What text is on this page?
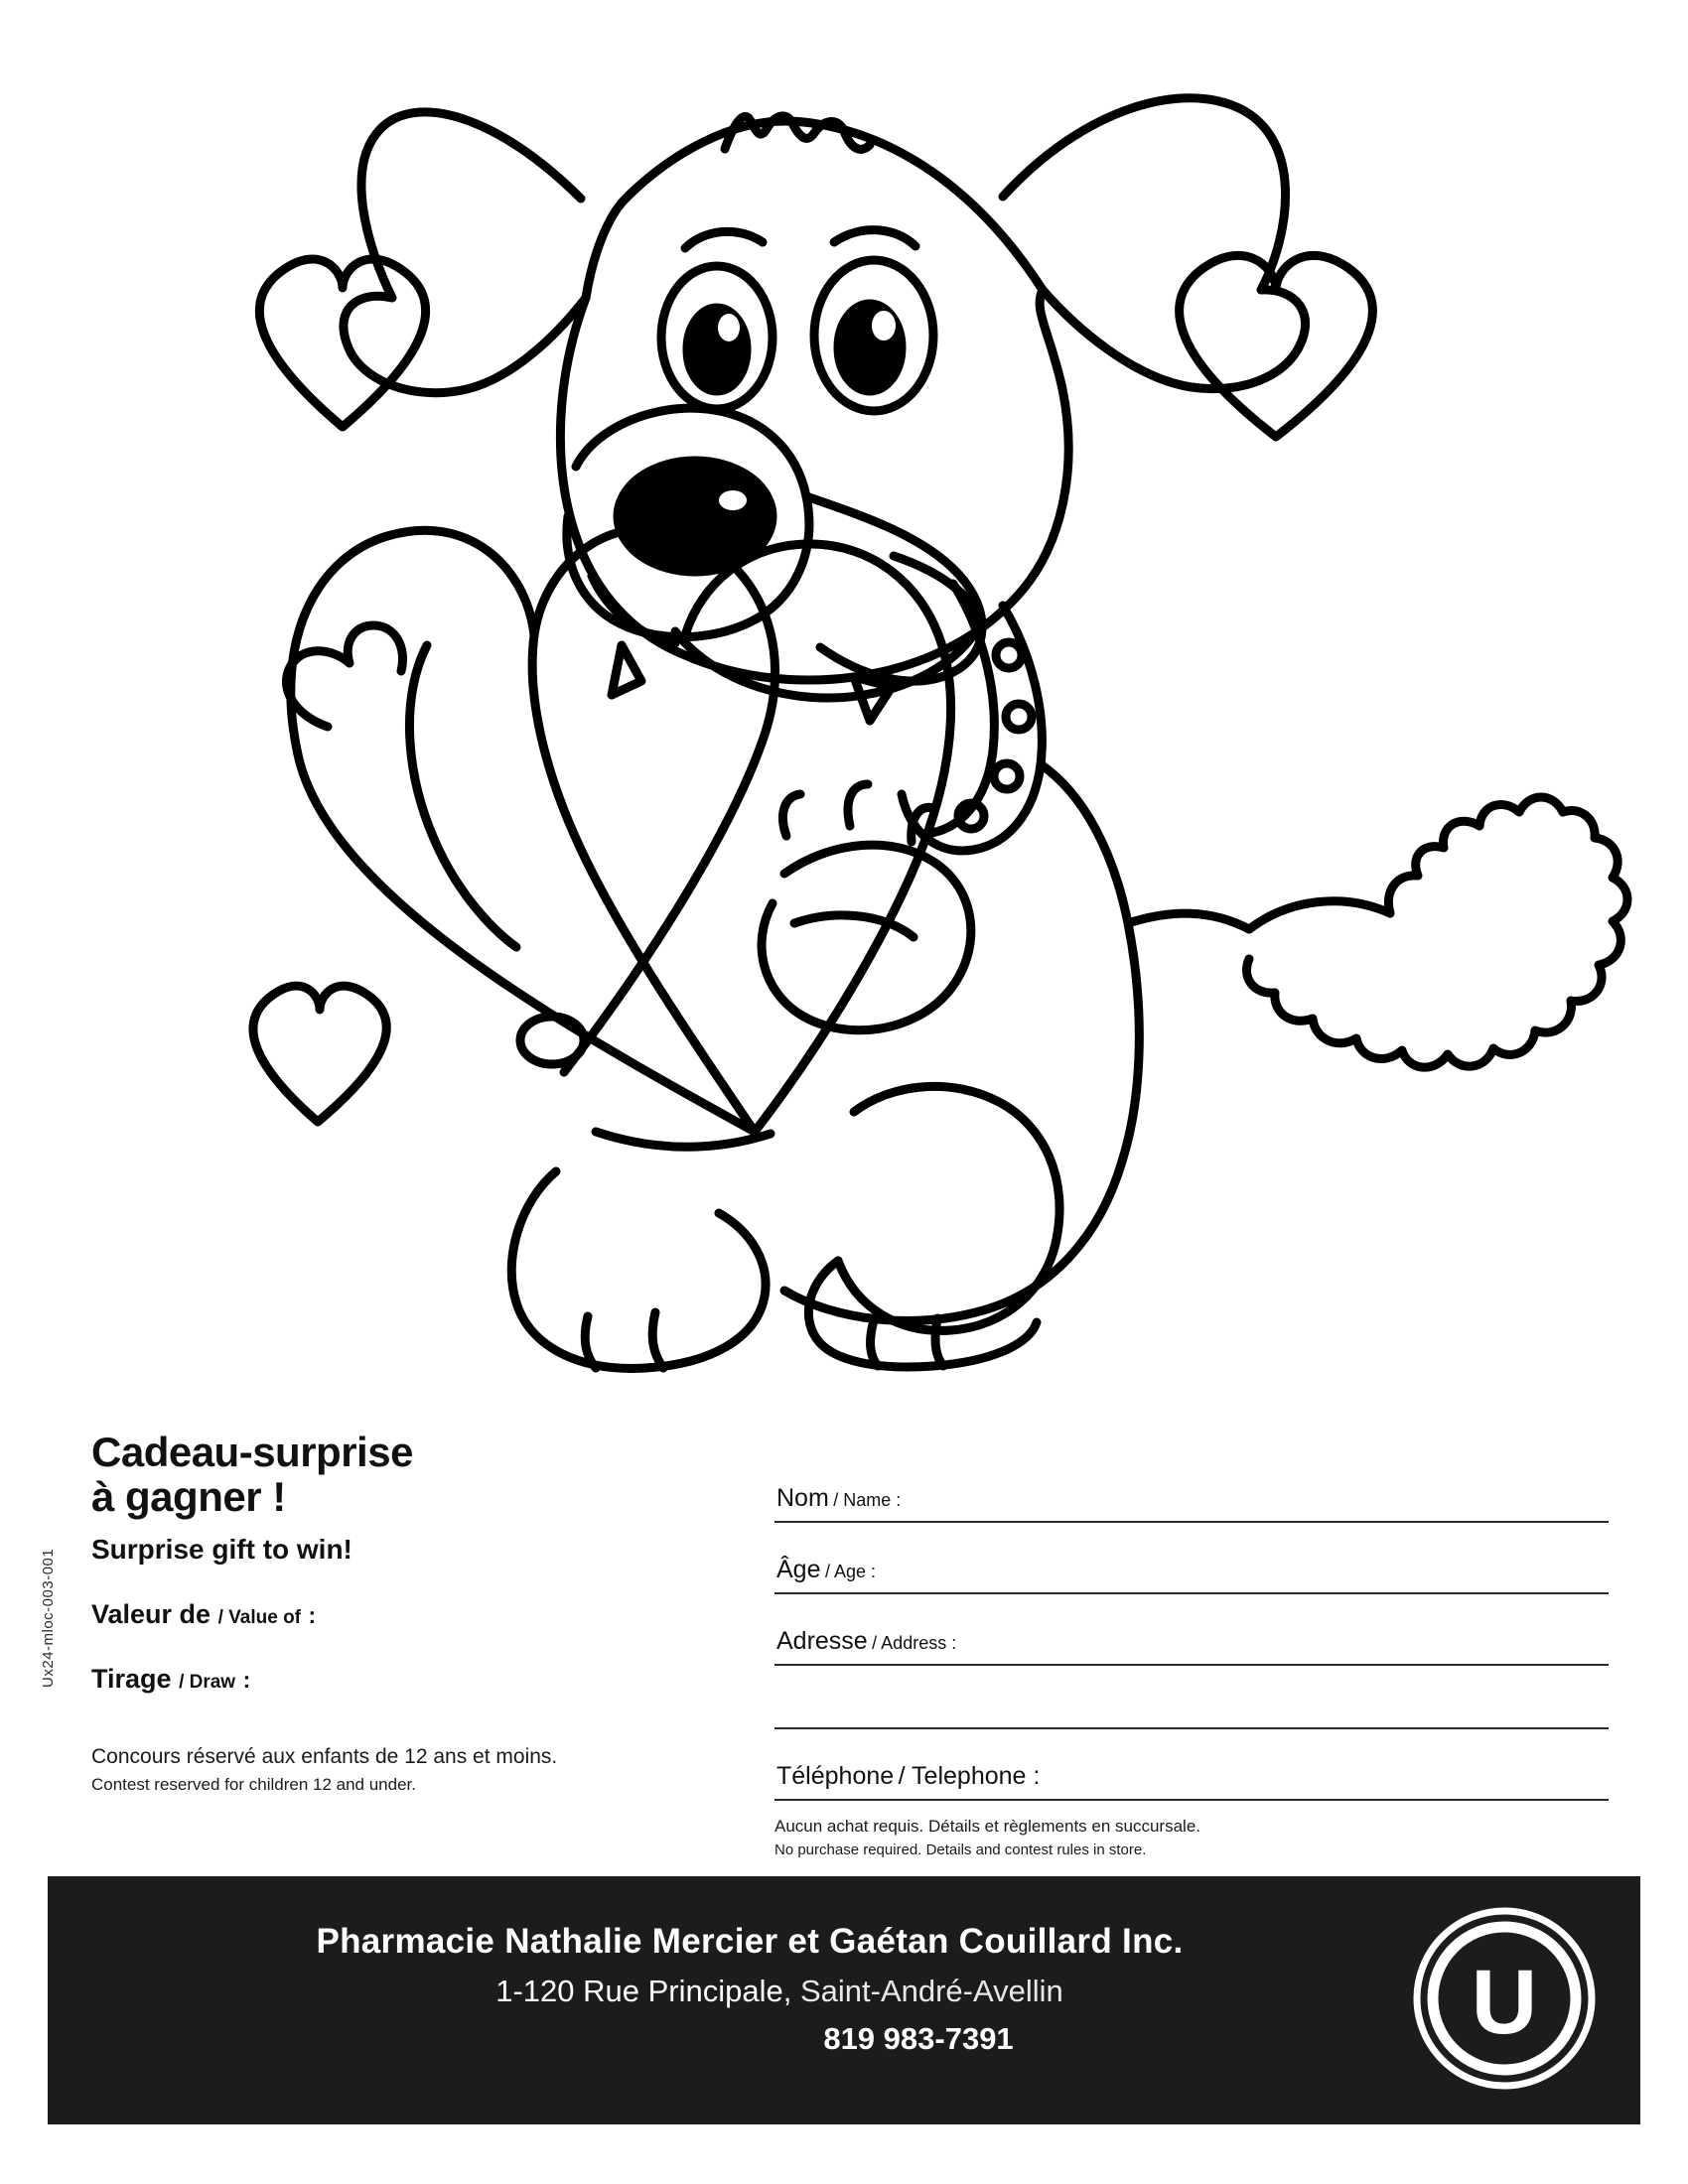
Ux24-mloc-003-001
Cadeau-surprise
à gagner !
Surprise gift to win!
Valeur de / Value of :
Tirage / Draw :

Concours réservé aux enfants de 12 ans et moins.

Contest reserved for children 12 and under.

Nom / Name :
Âge / Age :
Adresse / Address :
Téléphone / Telephone :

Aucun achat requis. Détails et règlements en succursale.

No purchase required. Details and contest rules in store.

Pharmacie Nathalie Mercier et Gaétan Couillard Inc.

1-120 Rue Principale, Saint-André-Avellin

819 983-7391	U
